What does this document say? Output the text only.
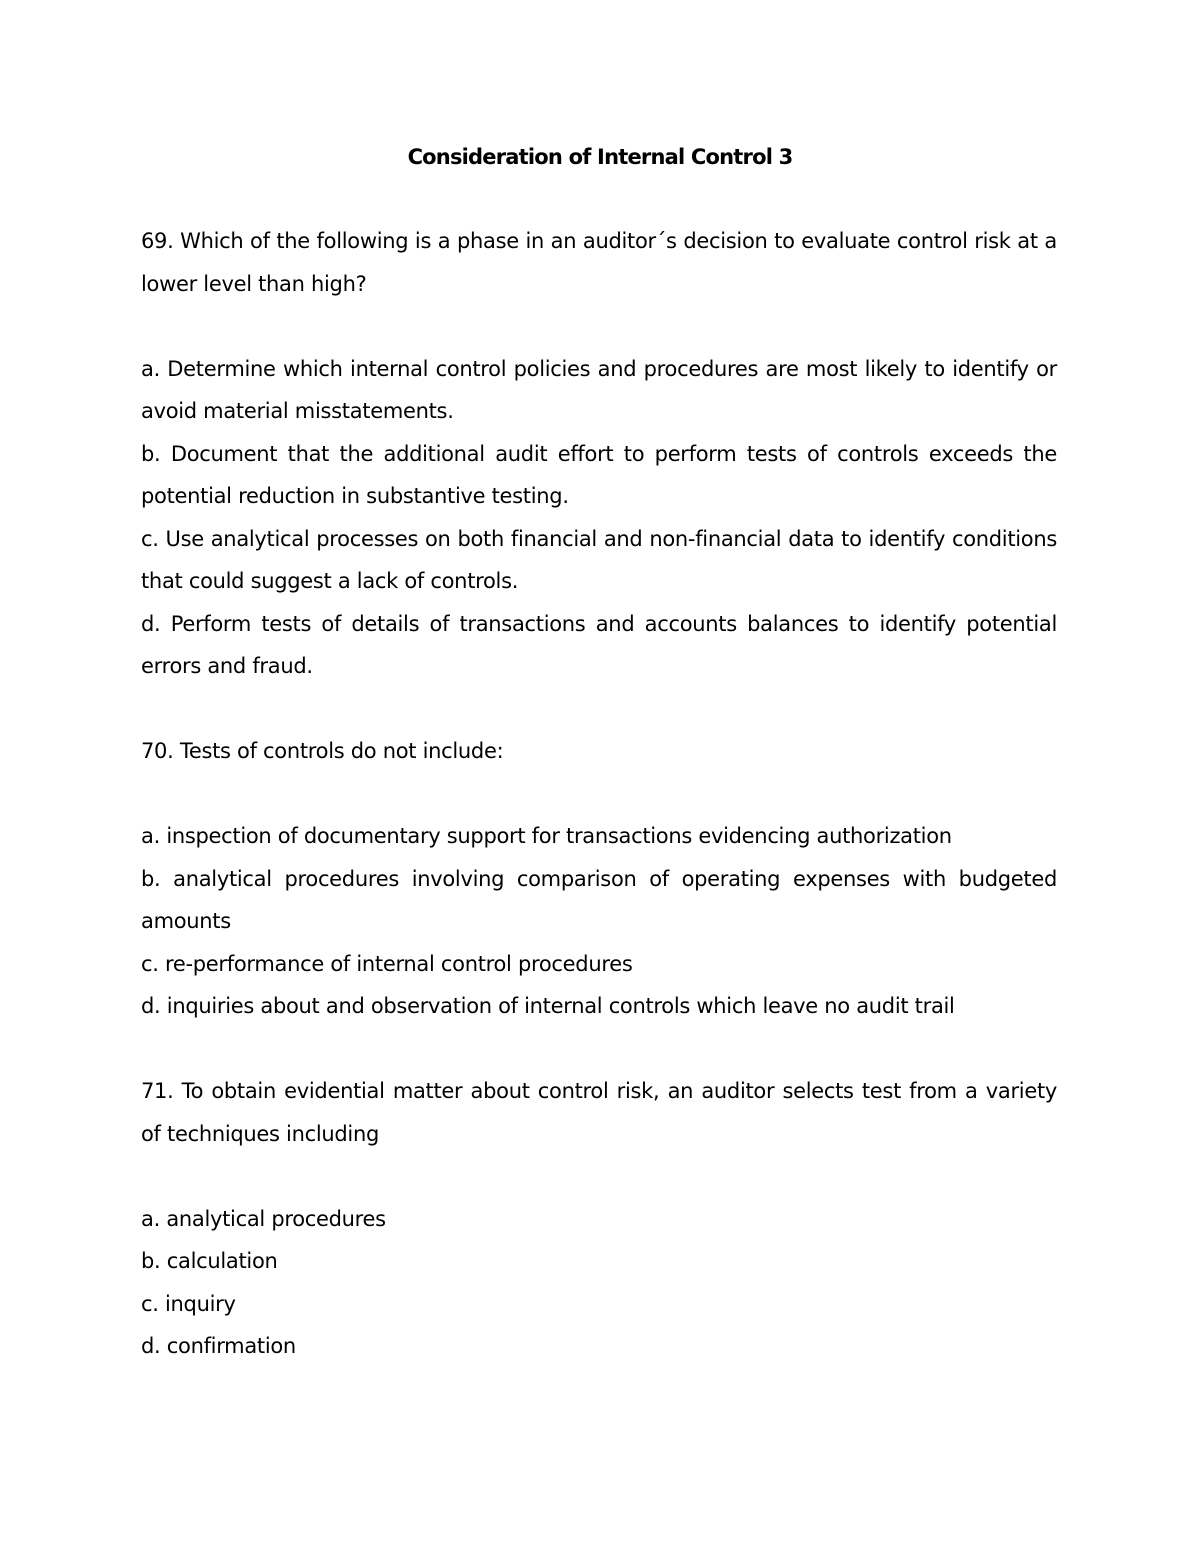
Consideration of Internal Control 3

69. Which of the following is a phase in an auditor´s decision to evaluate control risk at a lower level than high?

a. Determine which internal control policies and procedures are most likely to identify or avoid material misstatements.

b. Document that the additional audit effort to perform tests of controls exceeds the potential reduction in substantive testing.

c. Use analytical processes on both financial and non-financial data to identify conditions that could suggest a lack of controls.

d. Perform tests of details of transactions and accounts balances to identify potential errors and fraud.

70. Tests of controls do not include:

a. inspection of documentary support for transactions evidencing authorization

b. analytical procedures involving comparison of operating expenses with budgeted amounts

c. re-performance of internal control procedures

d. inquiries about and observation of internal controls which leave no audit trail

71. To obtain evidential matter about control risk, an auditor selects test from a variety of techniques including

a. analytical procedures

b. calculation

c. inquiry

d. confirmation
